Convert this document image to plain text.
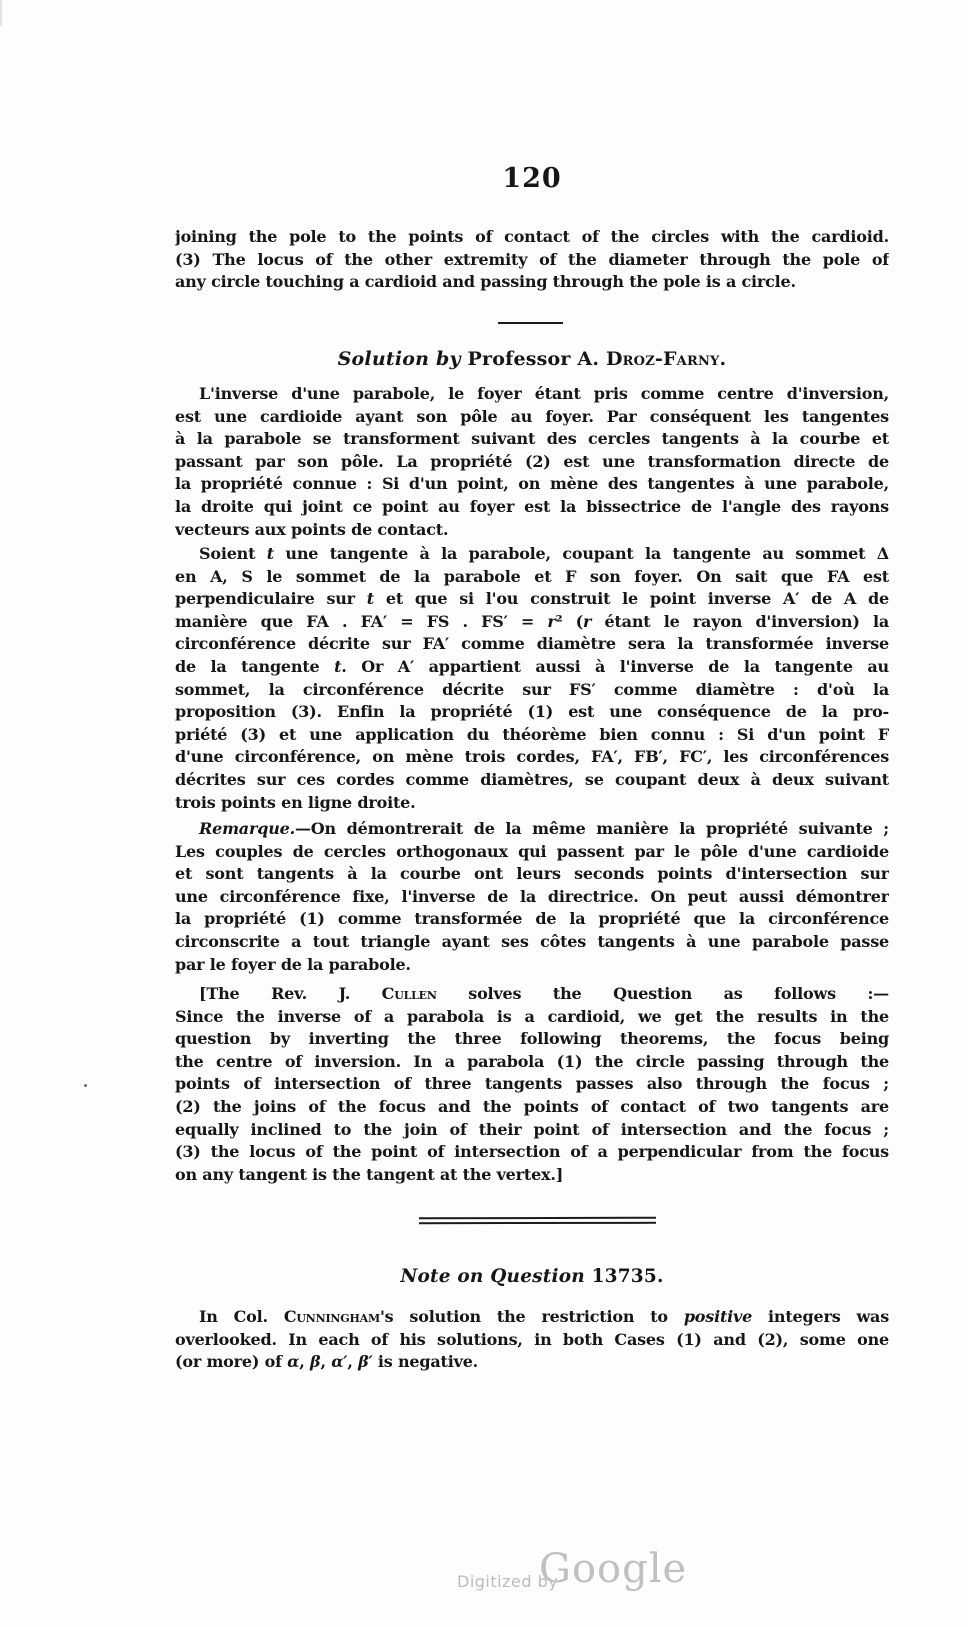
120
joining the pole to the points of contact of the circles with the cardioid.
(3) The locus of the other extremity of the diameter through the pole of
any circle touching a cardioid and passing through the pole is a circle.
Solution by Professor A. Droz-Farny.
L'inverse d'une parabole, le foyer étant pris comme centre d'inversion,
est une cardioide ayant son pôle au foyer. Par conséquent les tangentes
à la parabole se transforment suivant des cercles tangents à la courbe et
passant par son pôle. La propriété (2) est une transformation directe de
la propriété connue : Si d'un point, on mène des tangentes à une parabole,
la droite qui joint ce point au foyer est la bissectrice de l'angle des rayons
vecteurs aux points de contact.
Soient t une tangente à la parabole, coupant la tangente au sommet Δ
en A, S le sommet de la parabole et F son foyer. On sait que FA est
perpendiculaire sur t et que si l'ou construit le point inverse A′ de A de
manière que FA . FA′ = FS . FS′ = r² (r étant le rayon d'inversion) la
circonférence décrite sur FA′ comme diamètre sera la transformée inverse
de la tangente t. Or A′ appartient aussi à l'inverse de la tangente au
sommet, la circonférence décrite sur FS′ comme diamètre : d'où la
proposition (3). Enfin la propriété (1) est une conséquence de la pro-
priété (3) et une application du théorème bien connu : Si d'un point F
d'une circonférence, on mène trois cordes, FA′, FB′, FC′, les circonférences
décrites sur ces cordes comme diamètres, se coupant deux à deux suivant
trois points en ligne droite.
Remarque.—On démontrerait de la même manière la propriété suivante ;
Les couples de cercles orthogonaux qui passent par le pôle d'une cardioide
et sont tangents à la courbe ont leurs seconds points d'intersection sur
une circonférence fixe, l'inverse de la directrice. On peut aussi démontrer
la propriété (1) comme transformée de la propriété que la circonférence
circonscrite a tout triangle ayant ses côtes tangents à une parabole passe
par le foyer de la parabole.
[The Rev. J. Cullen solves the Question as follows :—
Since the inverse of a parabola is a cardioid, we get the results in the
question by inverting the three following theorems, the focus being
the centre of inversion. In a parabola (1) the circle passing through the
points of intersection of three tangents passes also through the focus ;
(2) the joins of the focus and the points of contact of two tangents are
equally inclined to the join of their point of intersection and the focus ;
(3) the locus of the point of intersection of a perpendicular from the focus
on any tangent is the tangent at the vertex.]
Note on Question 13735.
In Col. Cunningham's solution the restriction to positive integers was
overlooked. In each of his solutions, in both Cases (1) and (2), some one
(or more) of α, β, α′, β′ is negative.
Digitized by
Google
